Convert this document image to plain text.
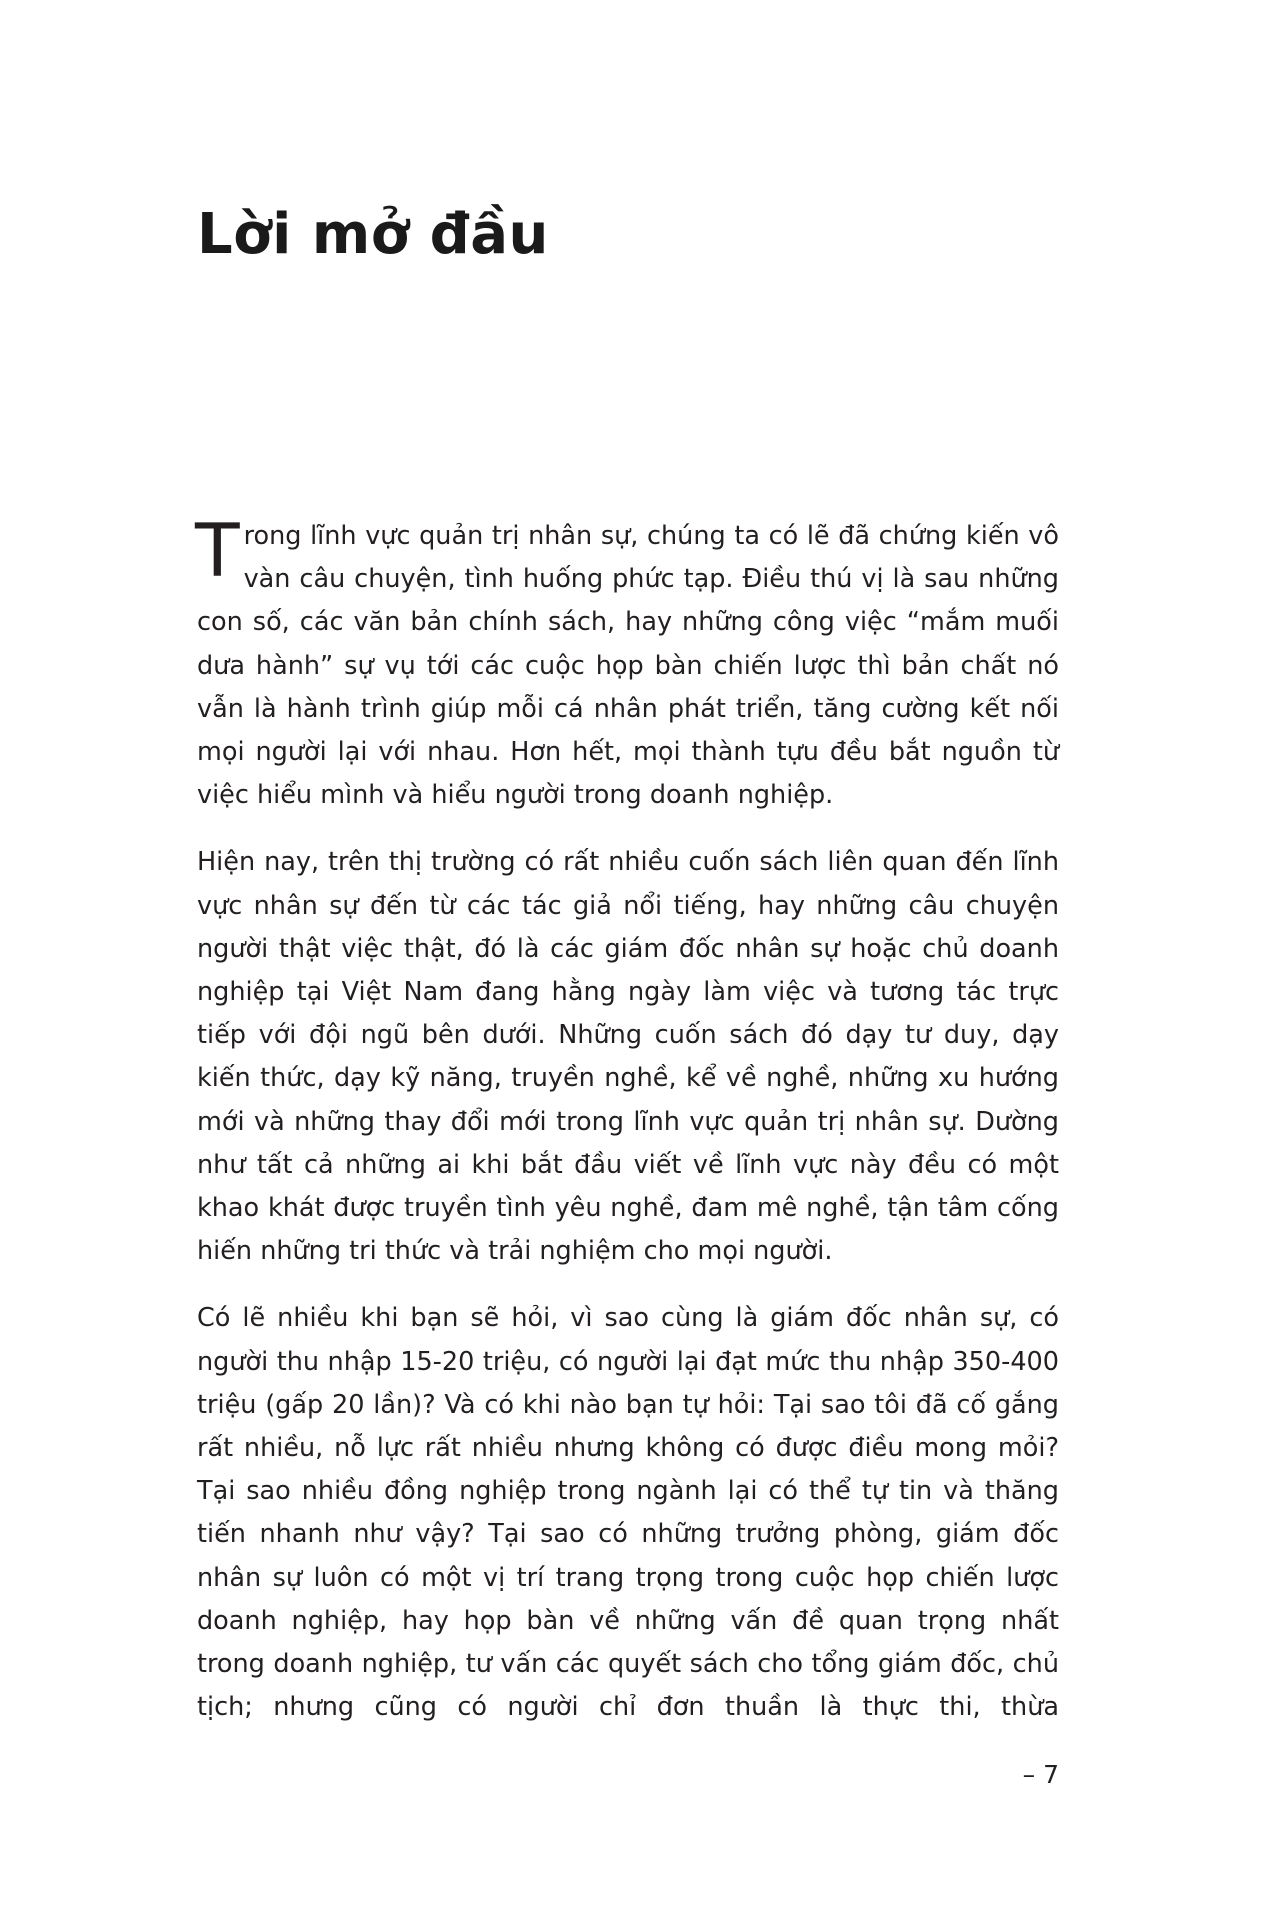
Lời mở đầu

Trong lĩnh vực quản trị nhân sự, chúng ta có lẽ đã chứng kiến vô vàn câu chuyện, tình huống phức tạp. Điều thú vị là sau những con số, các văn bản chính sách, hay những công việc “mắm muối dưa hành” sự vụ tới các cuộc họp bàn chiến lược thì bản chất nó vẫn là hành trình giúp mỗi cá nhân phát triển, tăng cường kết nối mọi người lại với nhau. Hơn hết, mọi thành tựu đều bắt nguồn từ việc hiểu mình và hiểu người trong doanh nghiệp.

Hiện nay, trên thị trường có rất nhiều cuốn sách liên quan đến lĩnh vực nhân sự đến từ các tác giả nổi tiếng, hay những câu chuyện người thật việc thật, đó là các giám đốc nhân sự hoặc chủ doanh nghiệp tại Việt Nam đang hằng ngày làm việc và tương tác trực tiếp với đội ngũ bên dưới. Những cuốn sách đó dạy tư duy, dạy kiến thức, dạy kỹ năng, truyền nghề, kể về nghề, những xu hướng mới và những thay đổi mới trong lĩnh vực quản trị nhân sự. Dường như tất cả những ai khi bắt đầu viết về lĩnh vực này đều có một khao khát được truyền tình yêu nghề, đam mê nghề, tận tâm cống hiến những tri thức và trải nghiệm cho mọi người.

Có lẽ nhiều khi bạn sẽ hỏi, vì sao cùng là giám đốc nhân sự, có người thu nhập 15-20 triệu, có người lại đạt mức thu nhập 350-400 triệu (gấp 20 lần)? Và có khi nào bạn tự hỏi: Tại sao tôi đã cố gắng rất nhiều, nỗ lực rất nhiều nhưng không có được điều mong mỏi? Tại sao nhiều đồng nghiệp trong ngành lại có thể tự tin và thăng tiến nhanh như vậy? Tại sao có những trưởng phòng, giám đốc nhân sự luôn có một vị trí trang trọng trong cuộc họp chiến lược doanh nghiệp, hay họp bàn về những vấn đề quan trọng nhất trong doanh nghiệp, tư vấn các quyết sách cho tổng giám đốc, chủ tịch; nhưng cũng có người chỉ đơn thuần là thực thi, thừa

– 7
